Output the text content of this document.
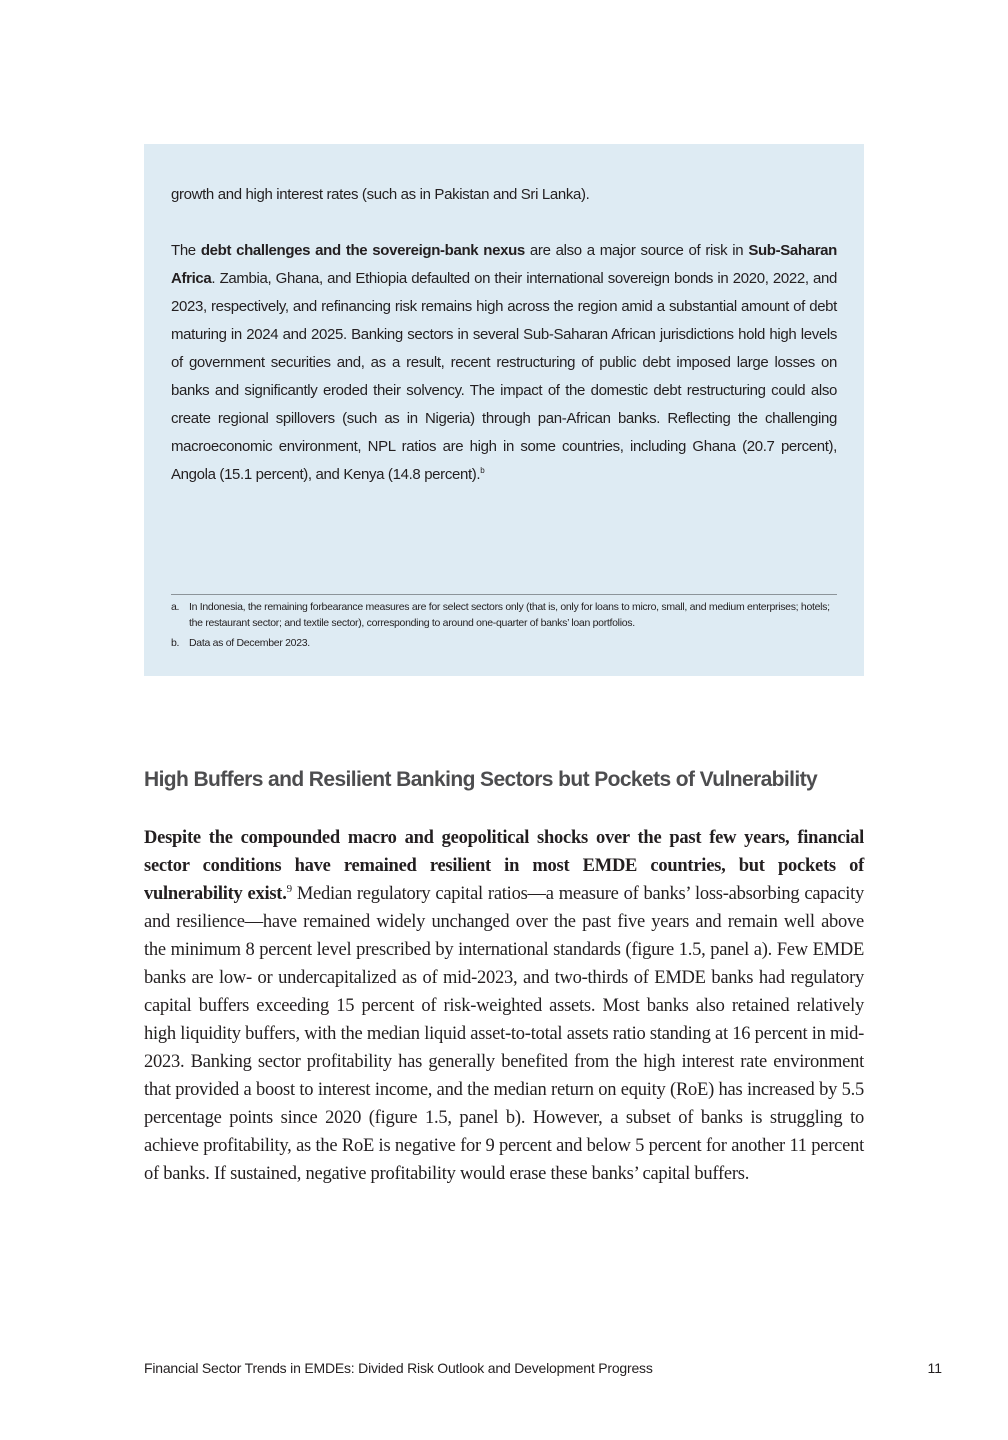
growth and high interest rates (such as in Pakistan and Sri Lanka).

The debt challenges and the sovereign-bank nexus are also a major source of risk in Sub-Saharan Africa. Zambia, Ghana, and Ethiopia defaulted on their international sovereign bonds in 2020, 2022, and 2023, respectively, and refinancing risk remains high across the region amid a substantial amount of debt maturing in 2024 and 2025. Banking sectors in several Sub-Saharan African jurisdictions hold high levels of government securities and, as a result, recent restructuring of public debt imposed large losses on banks and significantly eroded their solvency. The impact of the domestic debt restructuring could also create regional spillovers (such as in Nigeria) through pan-African banks. Reflecting the challenging macroeconomic environment, NPL ratios are high in some countries, including Ghana (20.7 percent), Angola (15.1 percent), and Kenya (14.8 percent).$^b$

a. In Indonesia, the remaining forbearance measures are for select sectors only (that is, only for loans to micro, small, and medium enterprises; hotels; the restaurant sector; and textile sector), corresponding to around one-quarter of banks’ loan portfolios.
b. Data as of December 2023.
High Buffers and Resilient Banking Sectors but Pockets of Vulnerability

Despite the compounded macro and geopolitical shocks over the past few years, financial sector conditions have remained resilient in most EMDE countries, but pockets of vulnerability exist.$^9$ Median regulatory capital ratios—a measure of banks’ loss-absorbing capacity and resilience—have remained widely unchanged over the past five years and remain well above the minimum 8 percent level prescribed by international standards (figure 1.5, panel a). Few EMDE banks are low- or undercapitalized as of mid-2023, and two-thirds of EMDE banks had regulatory capital buffers exceeding 15 percent of risk-weighted assets. Most banks also retained relatively high liquidity buffers, with the median liquid asset-to-total assets ratio standing at 16 percent in mid-2023. Banking sector profitability has generally benefited from the high interest rate environment that provided a boost to interest income, and the median return on equity (RoE) has increased by 5.5 percentage points since 2020 (figure 1.5, panel b). However, a subset of banks is struggling to achieve profitability, as the RoE is negative for 9 percent and below 5 percent for another 11 percent of banks. If sustained, negative profitability would erase these banks’ capital buffers.

Financial Sector Trends in EMDEs: Divided Risk Outlook and Development Progress	11
